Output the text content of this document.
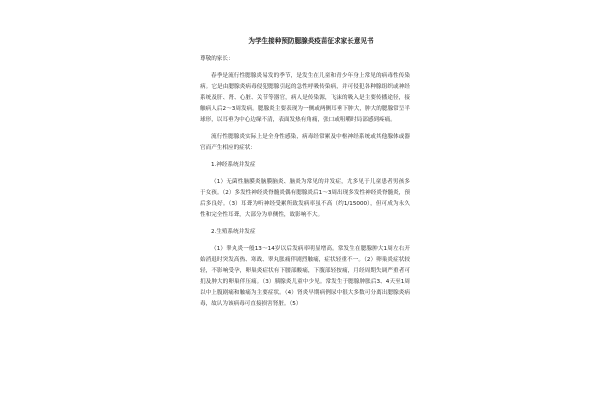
为学生接种预防腮腺炎疫苗征求家长意见书
尊敬的家长：
春季是流行性腮腺炎易发的季节，是发生在儿童和青少年身上常见的病毒性传染病。它是由腮腺炎病毒侵犯腮腺引起的急性呼吸传染病，并可侵犯各种腺组织或神经系统及肝、肾、心脏、关节等器官，病人是传染源，飞沫的吸入是主要传播途径，接触病人后2～3周发病。腮腺炎主要表现为一侧或两侧耳垂下肿大，肿大的腮腺常呈半球形，以耳垂为中心边缘不清，表面发热有角痛，张口或咀嚼时局部感到疼痛。
流行性腮腺炎实际上是全身性感染，病毒经常累及中枢神经系统或其他腺体或器官而产生相应的症状：
1.神经系统并发症
（1）无菌性脑膜炎脑膜脑炎、脑炎为常见的并发症，尤多见于儿童患者男孩多于女孩。（2）多发性神经炎脊髓炎偶有腮腺炎后1～3周出现多发性神经炎脊髓炎，预后多良好。（3）耳聋为听神经受累所致发病率虽不高（约1/15000），但可成为永久性和完全性耳聋，大部分为单侧性，故影响不大。
2.生殖系统并发症
（1）睾丸炎一般13～14岁以后发病率明显增高。常发生在腮腺肿大1周左右开始消退时突发高热、寒战、睾丸胀痛伴剧烈触痛，症状轻重不一。（2）卵巢炎症状较轻，不影响受孕，卵巢炎症状有下腰部酸痛，下腹部轻按痛，月经周期失调严重者可扪及肿大的卵巢伴压痛。（3）胰腺炎儿童中少见。常发生于腮腺肿胀后3、4天至1周以中上腹剧痛和触痛为主要症状。（4）肾炎早期病例尿中很大多数可分离出腮腺炎病毒，故认为该病毒可直接损害肾脏。（5）
